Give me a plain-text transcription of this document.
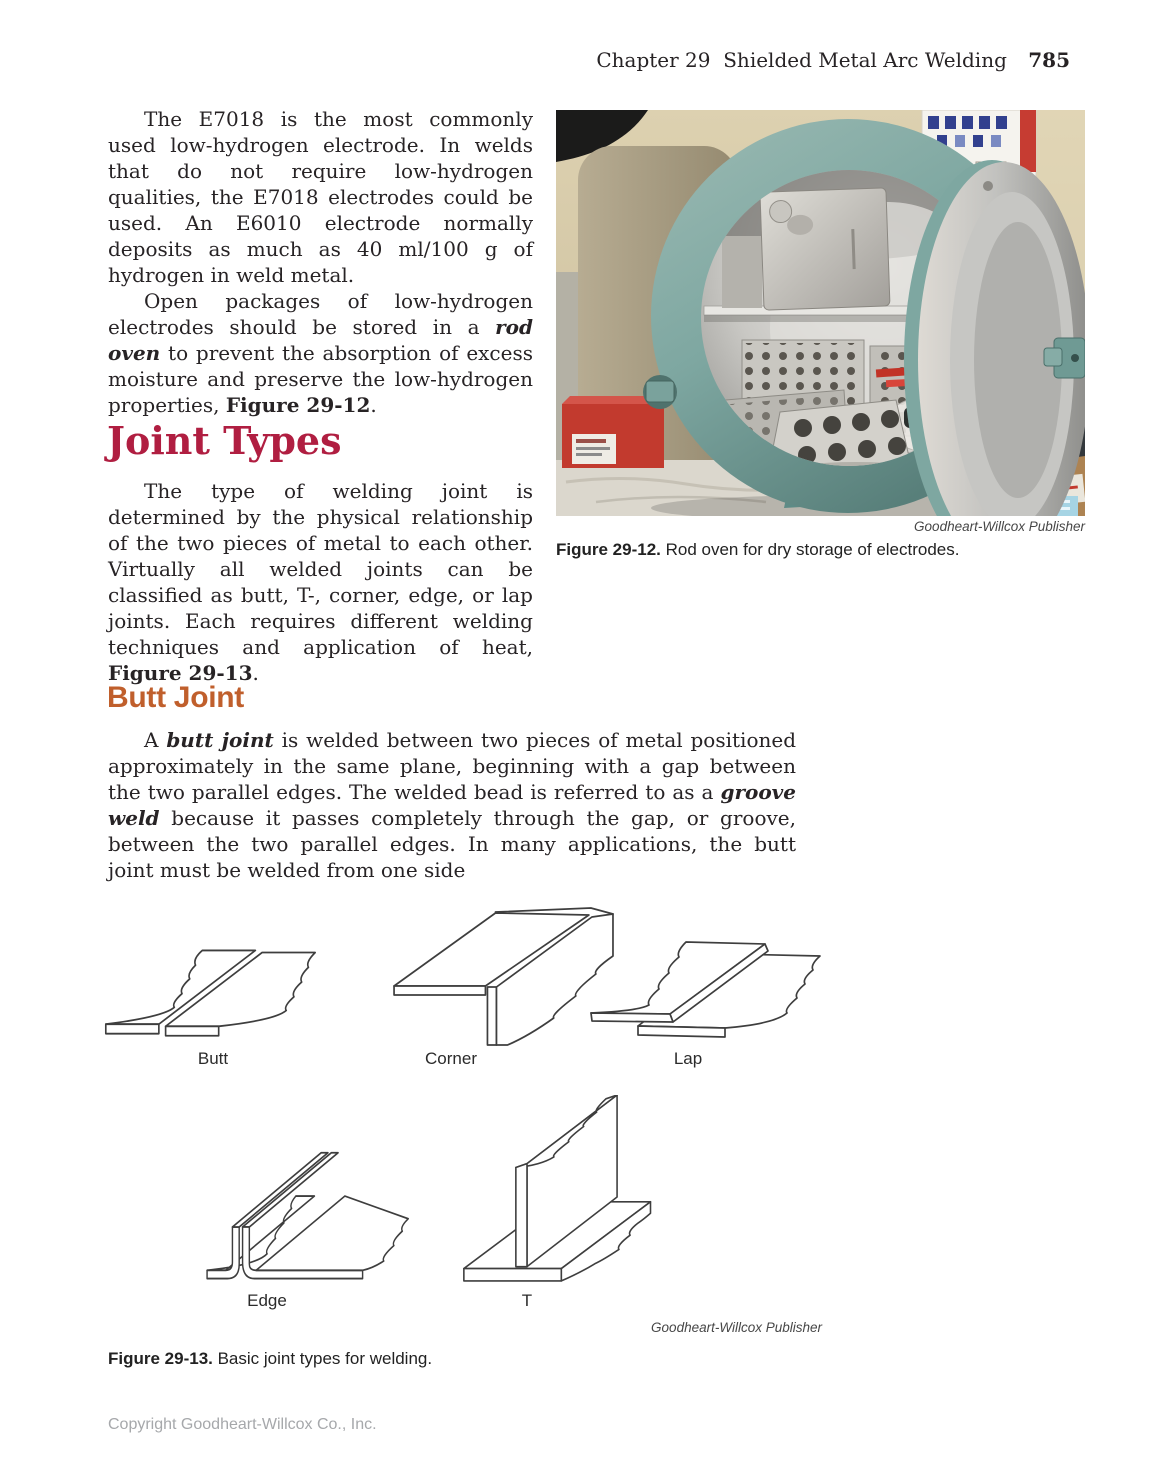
Chapter 29 Shielded Metal Arc Welding 785

The E7018 is the most commonly used low-hydrogen electrode. In welds that do not require low-hydrogen qualities, the E7018 electrodes could be used. An E6010 electrode normally deposits as much as 40 ml/100 g of hydrogen in weld metal.

Open packages of low-hydrogen electrodes should be stored in a rod oven to prevent the absorption of excess moisture and preserve the low-hydrogen properties, Figure 29-12.

Joint Types

The type of welding joint is determined by the physical relationship of the two pieces of metal to each other. Virtually all welded joints can be classified as butt, T-, corner, edge, or lap joints. Each requires different welding techniques and application of heat, Figure 29-13.

Butt Joint

A butt joint is welded between two pieces of metal positioned approximately in the same plane, beginning with a gap between the two parallel edges. The welded bead is referred to as a groove weld because it passes completely through the gap, or groove, between the two parallel edges. In many applications, the butt joint must be welded from one side

Goodheart-Willcox Publisher
Figure 29-12. Rod oven for dry storage of electrodes.
Butt	Corner	Lap
Edge	T
Goodheart-Willcox Publisher
Figure 29-13. Basic joint types for welding.
Copyright Goodheart-Willcox Co., Inc.
